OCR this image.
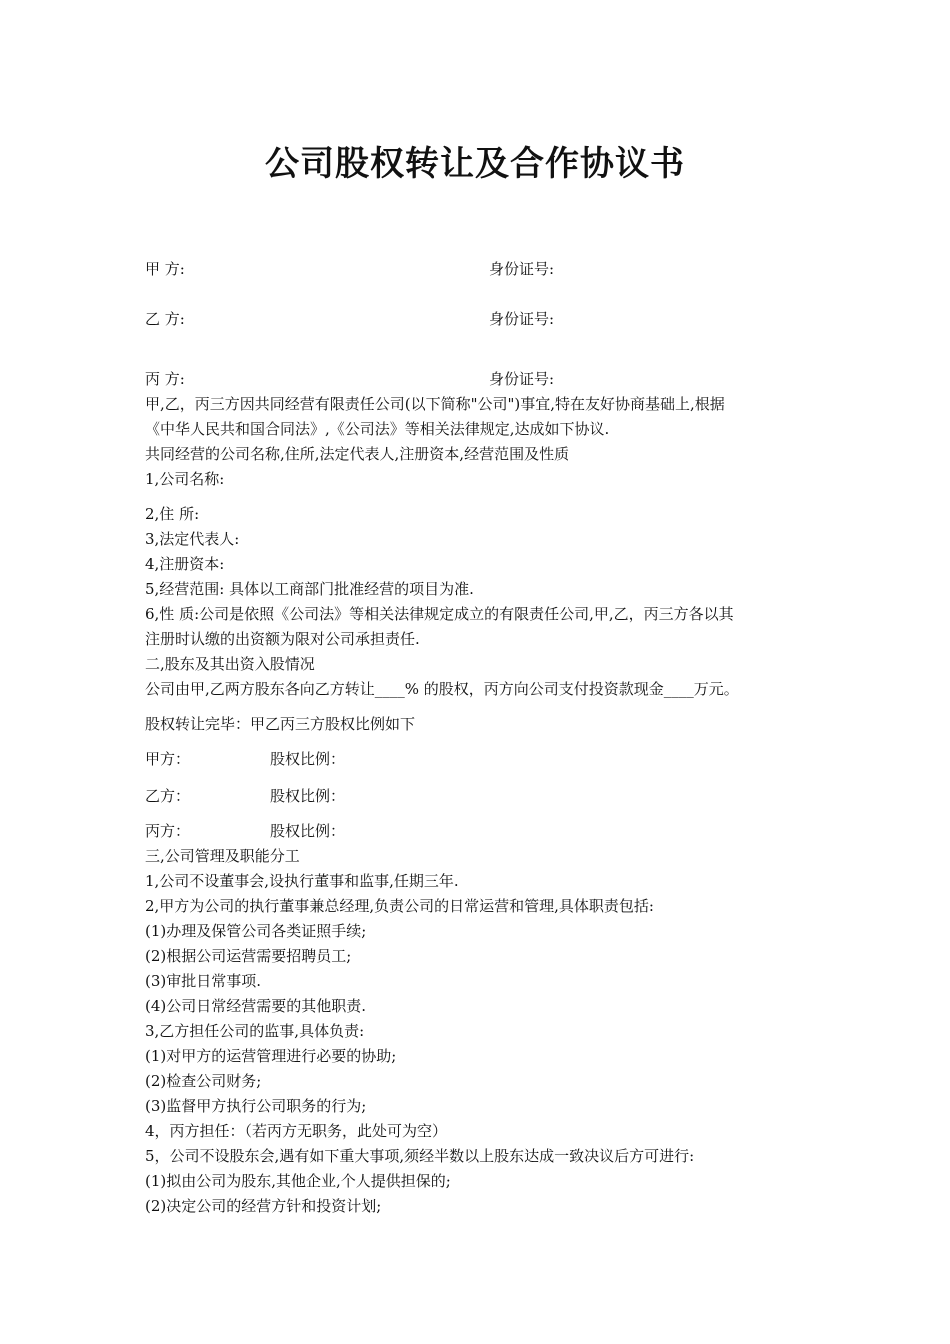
公司股权转让及合作协议书
甲 方:	身份证号:
乙 方:	身份证号:
丙 方:	身份证号:
甲,乙，丙三方因共同经营有限责任公司(以下简称"公司")事宜,特在友好协商基础上,根据
《中华人民共和国合同法》,《公司法》等相关法律规定,达成如下协议.
共同经营的公司名称,住所,法定代表人,注册资本,经营范围及性质
1,公司名称:
2,住 所:
3,法定代表人:
4,注册资本:
5,经营范围: 具体以工商部门批准经营的项目为准.
6,性 质:公司是依照《公司法》等相关法律规定成立的有限责任公司,甲,乙，丙三方各以其
注册时认缴的出资额为限对公司承担责任.
二,股东及其出资入股情况
公司由甲,乙两方股东各向乙方转让____% 的股权，丙方向公司支付投资款现金____万元。
股权转让完毕：甲乙丙三方股权比例如下
甲方：	股权比例：
乙方：	股权比例：
丙方：	股权比例：
三,公司管理及职能分工
1,公司不设董事会,设执行董事和监事,任期三年.
2,甲方为公司的执行董事兼总经理,负责公司的日常运营和管理,具体职责包括:
(1)办理及保管公司各类证照手续;
(2)根据公司运营需要招聘员工;
(3)审批日常事项.
(4)公司日常经营需要的其他职责.
3,乙方担任公司的监事,具体负责:
(1)对甲方的运营管理进行必要的协助;
(2)检查公司财务;
(3)监督甲方执行公司职务的行为;
4，丙方担任：（若丙方无职务，此处可为空）
5，公司不设股东会,遇有如下重大事项,须经半数以上股东达成一致决议后方可进行:
(1)拟由公司为股东,其他企业,个人提供担保的;
(2)决定公司的经营方针和投资计划;
